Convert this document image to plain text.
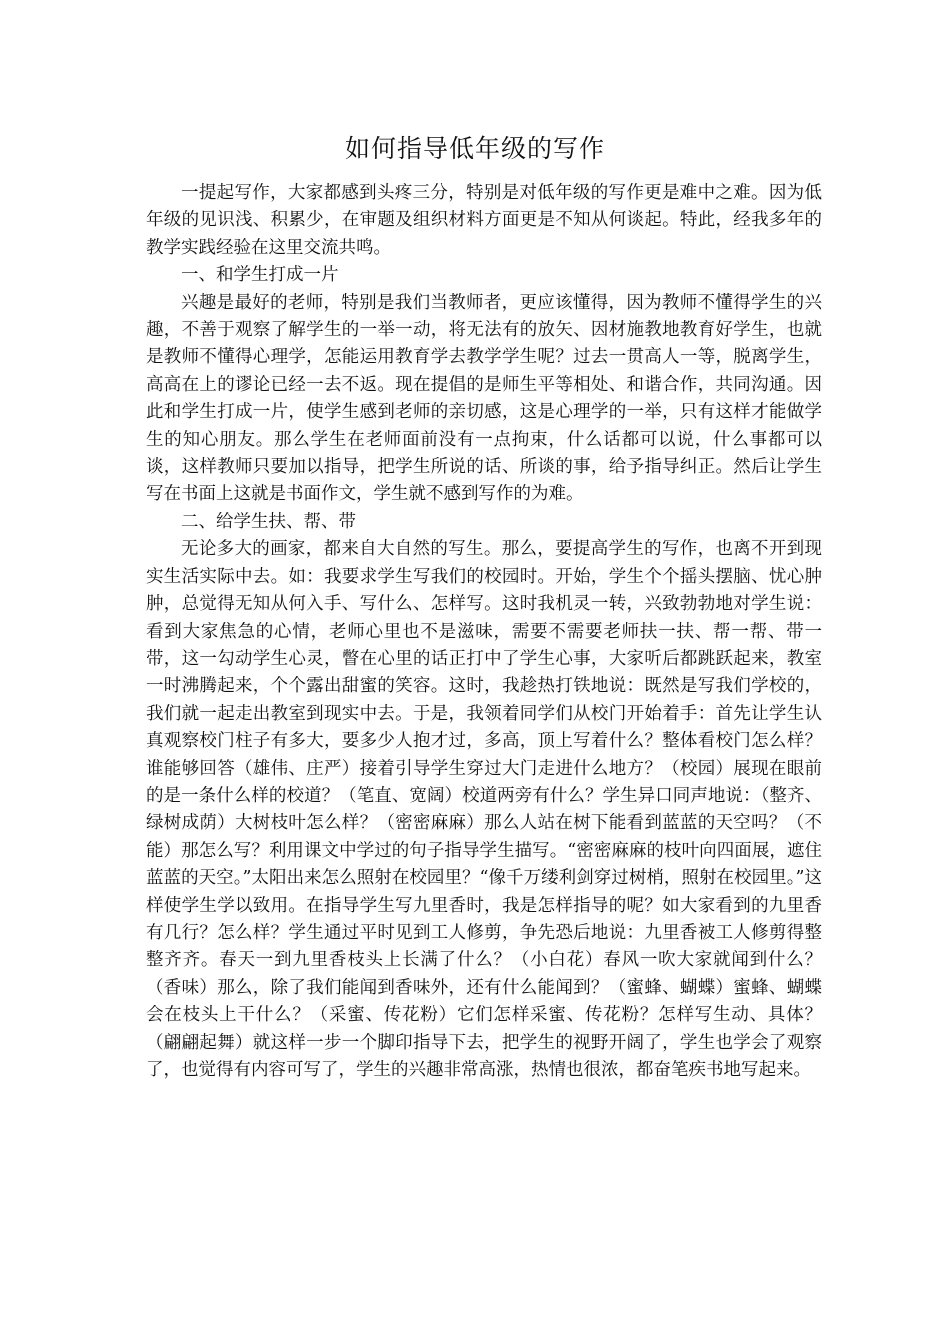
如何指导低年级的写作

一提起写作，大家都感到头疼三分，特别是对低年级的写作更是难中之难。因为低年级的见识浅、积累少，在审题及组织材料方面更是不知从何谈起。特此，经我多年的教学实践经验在这里交流共鸣。

一、和学生打成一片

兴趣是最好的老师，特别是我们当教师者，更应该懂得，因为教师不懂得学生的兴趣，不善于观察了解学生的一举一动，将无法有的放矢、因材施教地教育好学生，也就是教师不懂得心理学，怎能运用教育学去教学学生呢？过去一贯高人一等，脱离学生，高高在上的谬论已经一去不返。现在提倡的是师生平等相处、和谐合作，共同沟通。因此和学生打成一片，使学生感到老师的亲切感，这是心理学的一举，只有这样才能做学生的知心朋友。那么学生在老师面前没有一点拘束，什么话都可以说，什么事都可以谈，这样教师只要加以指导，把学生所说的话、所谈的事，给予指导纠正。然后让学生写在书面上这就是书面作文，学生就不感到写作的为难。

二、给学生扶、帮、带

无论多大的画家，都来自大自然的写生。那么，要提高学生的写作，也离不开到现实生活实际中去。如：我要求学生写我们的校园时。开始，学生个个摇头摆脑、忧心肿肿，总觉得无知从何入手、写什么、怎样写。这时我机灵一转，兴致勃勃地对学生说：看到大家焦急的心情，老师心里也不是滋味，需要不需要老师扶一扶、帮一帮、带一带，这一勾动学生心灵，瞥在心里的话正打中了学生心事，大家听后都跳跃起来，教室一时沸腾起来，个个露出甜蜜的笑容。这时，我趁热打铁地说：既然是写我们学校的，我们就一起走出教室到现实中去。于是，我领着同学们从校门开始着手：首先让学生认真观察校门柱子有多大，要多少人抱才过，多高，顶上写着什么？整体看校门怎么样？谁能够回答（雄伟、庄严）接着引导学生穿过大门走进什么地方？（校园）展现在眼前的是一条什么样的校道？（笔直、宽阔）校道两旁有什么？学生异口同声地说：（整齐、绿树成荫）大树枝叶怎么样？（密密麻麻）那么人站在树下能看到蓝蓝的天空吗？（不能）那怎么写？利用课文中学过的句子指导学生描写。“密密麻麻的枝叶向四面展，遮住蓝蓝的天空。”太阳出来怎么照射在校园里？“像千万缕利剑穿过树梢，照射在校园里。”这样使学生学以致用。在指导学生写九里香时，我是怎样指导的呢？如大家看到的九里香有几行？怎么样？学生通过平时见到工人修剪，争先恐后地说：九里香被工人修剪得整整齐齐。春天一到九里香枝头上长满了什么？（小白花）春风一吹大家就闻到什么？（香味）那么，除了我们能闻到香味外，还有什么能闻到？（蜜蜂、蝴蝶）蜜蜂、蝴蝶会在枝头上干什么？（采蜜、传花粉）它们怎样采蜜、传花粉？怎样写生动、具体？（翩翩起舞）就这样一步一个脚印指导下去，把学生的视野开阔了，学生也学会了观察了，也觉得有内容可写了，学生的兴趣非常高涨，热情也很浓，都奋笔疾书地写起来。
